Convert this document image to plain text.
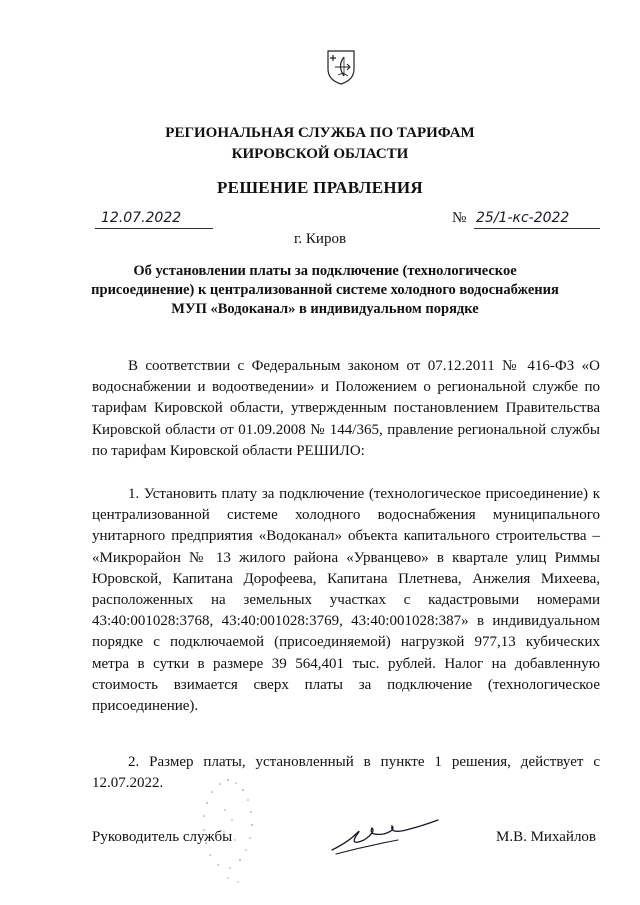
РЕГИОНАЛЬНАЯ СЛУЖБА ПО ТАРИФАМ
КИРОВСКОЙ ОБЛАСТИ
РЕШЕНИЕ ПРАВЛЕНИЯ
12.07.2022	№ 25/1-кс-2022
г. Киров
Об установлении платы за подключение (технологическое присоединение) к централизованной системе холодного водоснабжения МУП «Водоканал» в индивидуальном порядке
В соответствии с Федеральным законом от 07.12.2011 № 416-ФЗ «О водоснабжении и водоотведении» и Положением о региональной службе по тарифам Кировской области, утвержденным постановлением Правительства Кировской области от 01.09.2008 № 144/365, правление региональной службы по тарифам Кировской области РЕШИЛО:
1. Установить плату за подключение (технологическое присоединение) к централизованной системе холодного водоснабжения муниципального унитарного предприятия «Водоканал» объекта капитального строительства – «Микрорайон № 13 жилого района «Урванцево» в квартале улиц Риммы Юровской, Капитана Дорофеева, Капитана Плетнева, Анжелия Михеева, расположенных на земельных участках с кадастровыми номерами 43:40:001028:3768, 43:40:001028:3769, 43:40:001028:387» в индивидуальном порядке с подключаемой (присоединяемой) нагрузкой 977,13 кубических метра в сутки в размере 39 564,401 тыс. рублей. Налог на добавленную стоимость взимается сверх платы за подключение (технологическое присоединение).
2. Размер платы, установленный в пункте 1 решения, действует с 12.07.2022.
Руководитель службы	М.В. Михайлов
